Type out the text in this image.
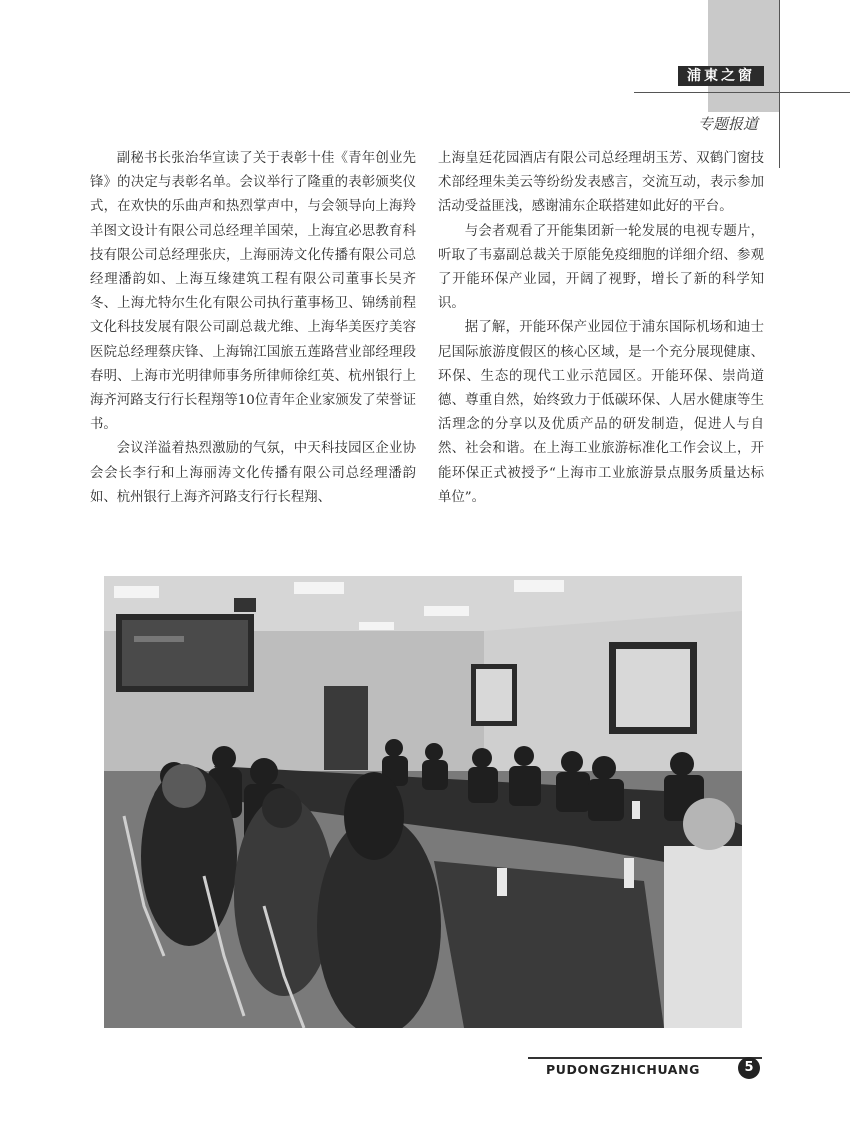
浦東之窗
专题报道

副秘书长张治华宣读了关于表彰十佳《青年创业先锋》的决定与表彰名单。会议举行了隆重的表彰颁奖仪式，在欢快的乐曲声和热烈掌声中，与会领导向上海羚羊图文设计有限公司总经理羊国荣，上海宜必思教育科技有限公司总经理张庆，上海丽涛文化传播有限公司总经理潘韵如、上海互缘建筑工程有限公司董事长吴齐冬、上海尤特尔生化有限公司执行董事杨卫、锦绣前程文化科技发展有限公司副总裁尤维、上海华美医疗美容医院总经理蔡庆锋、上海锦江国旅五莲路营业部经理段春明、上海市光明律师事务所律师徐红英、杭州银行上海齐河路支行行长程翔等10位青年企业家颁发了荣誉证书。

会议洋溢着热烈激励的气氛，中天科技园区企业协会会长李行和上海丽涛文化传播有限公司总经理潘韵如、杭州银行上海齐河路支行行长程翔、

上海皇廷花园酒店有限公司总经理胡玉芳、双鹤门窗技术部经理朱美云等纷纷发表感言，交流互动，表示参加活动受益匪浅，感谢浦东企联搭建如此好的平台。

与会者观看了开能集团新一轮发展的电视专题片，听取了韦嘉副总裁关于原能免疫细胞的详细介绍、参观了开能环保产业园，开阔了视野，增长了新的科学知识。

据了解，开能环保产业园位于浦东国际机场和迪士尼国际旅游度假区的核心区域，是一个充分展现健康、环保、生态的现代工业示范园区。开能环保、崇尚道德、尊重自然，始终致力于低碳环保、人居水健康等生活理念的分享以及优质产品的研发制造，促进人与自然、社会和谐。在上海工业旅游标准化工作会议上，开能环保正式被授予“上海市工业旅游景点服务质量达标单位”。

PUDONGZHICHUANG	5
